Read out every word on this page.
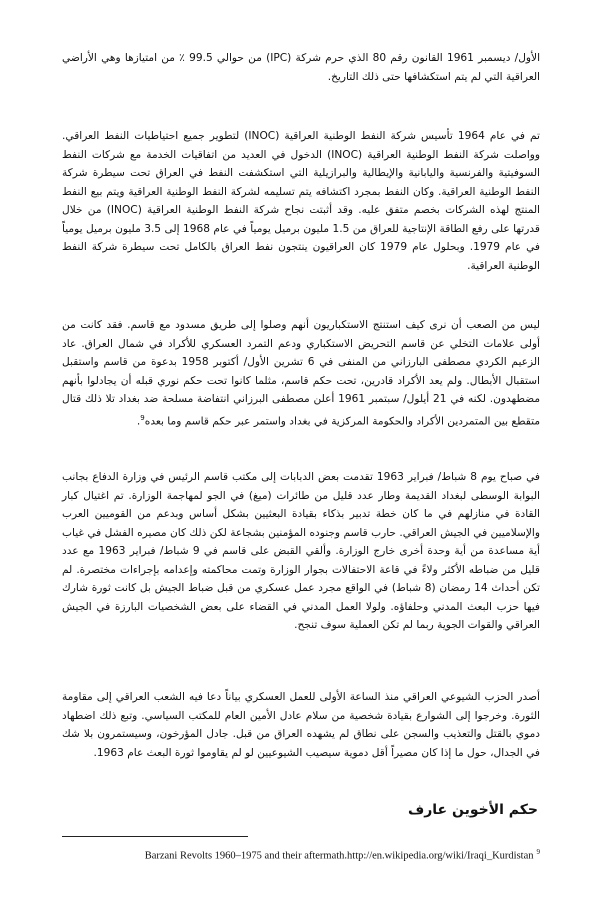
الأول/ ديسمبر 1961 القانون رقم 80 الذي حرم شركة (IPC) من حوالي 99.5 ٪ من امتيازها وهي الأراضي العراقية التي لم يتم استكشافها حتى ذلك التاريخ.

تم في عام 1964 تأسيس شركة النفط الوطنية العراقية (INOC) لتطوير جميع احتياطيات النفط العراقي. وواصلت شركة النفط الوطنية العراقية (INOC) الدخول في العديد من اتفاقيات الخدمة مع شركات النفط السوفيتية والفرنسية واليابانية والإيطالية والبرازيلية التي استكشفت النفط في العراق تحت سيطرة شركة النفط الوطنية العراقية. وكان النفط بمجرد اكتشافه يتم تسليمه لشركة النفط الوطنية العراقية ويتم بيع النفط المنتج لهذه الشركات بخصم متفق عليه. وقد أثبتت نجاح شركة النفط الوطنية العراقية (INOC) من خلال قدرتها على رفع الطاقة الإنتاجية للعراق من 1.5 مليون برميل يومياً في عام 1968 إلى 3.5 مليون برميل يومياً في عام 1979. وبحلول عام 1979 كان العراقيون ينتجون نفط العراق بالكامل تحت سيطرة شركة النفط الوطنية العراقية.

ليس من الصعب أن نرى كيف استنتج الاستكباريون أنهم وصلوا إلى طريق مسدود مع قاسم. فقد كانت من أولى علامات التخلي عن قاسم التحريض الاستكباري ودعم التمرد العسكري للأكراد في شمال العراق. عاد الزعيم الكردي مصطفى البارزاني من المنفى في 6 تشرين الأول/ أكتوبر 1958 بدعوة من قاسم واستقبل استقبال الأبطال. ولم يعد الأكراد قادرين، تحت حكم قاسم، مثلما كانوا تحت حكم نوري قبله أن يجادلوا بأنهم مضطهدون. لكنه في 21 أيلول/ سبتمبر 1961 أعلن مصطفى البرزاني انتفاضة مسلحة ضد بغداد تلا ذلك قتال متقطع بين المتمردين الأكراد والحكومة المركزية في بغداد واستمر عبر حكم قاسم وما بعده$^9$.

في صباح يوم 8 شباط/ فبراير 1963 تقدمت بعض الدبابات إلى مكتب قاسم الرئيس في وزارة الدفاع بجانب البوابة الوسطى لبغداد القديمة وطار عدد قليل من طائرات (ميغ) في الجو لمهاجمة الوزارة. تم اغتيال كبار القادة في منازلهم في ما كان خطة تدبير بذكاء بقيادة البعثيين بشكل أساس وبدعم من القوميين العرب والإسلاميين في الجيش العراقي. حارب قاسم وجنوده المؤمنين بشجاعة لكن ذلك كان مصيره الفشل في غياب أية مساعدة من أية وحدة أخرى خارج الوزارة. وألقي القبض على قاسم في 9 شباط/ فبراير 1963 مع عدد قليل من ضباطه الأكثر ولاءً في قاعة الاحتفالات بجوار الوزارة وتمت محاكمته وإعدامه بإجراءات مختصرة. لم تكن أحداث 14 رمضان (8 شباط) في الواقع مجرد عمل عسكري من قبل ضباط الجيش بل كانت ثورة شارك فيها حزب البعث المدني وحلفاؤه. ولولا العمل المدني في القضاء على بعض الشخصيات البارزة في الجيش العراقي والقوات الجوية ربما لم تكن العملية سوف تنجح.

أصدر الحزب الشيوعي العراقي منذ الساعة الأولى للعمل العسكري بياناً دعا فيه الشعب العراقي إلى مقاومة الثورة. وخرجوا إلى الشوارع بقيادة شخصية من سلام عادل الأمين العام للمكتب السياسي. وتبع ذلك اضطهاد دموي بالقتل والتعذيب والسجن على نطاق لم يشهده العراق من قبل. جادل المؤرخون، وسيستمرون بلا شك في الجدال، حول ما إذا كان مصيراً أقل دموية سيصيب الشيوعيين لو لم يقاوموا ثورة البعث عام 1963.

حكم الأخوين عارف

Barzani Revolts 1960–1975 and their aftermath.http://en.wikipedia.org/wiki/Iraqi_Kurdistan $^9$
